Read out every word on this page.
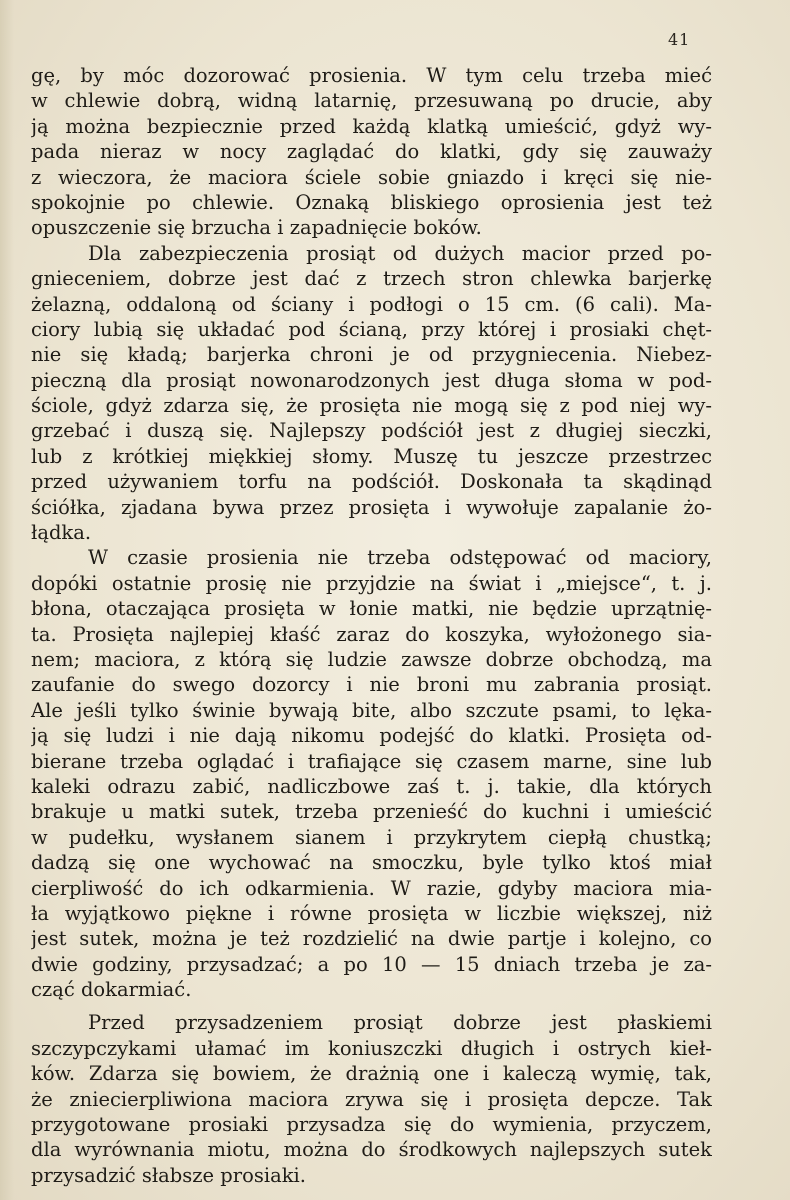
41
gę, by móc dozorować prosienia. W tym celu trzeba mieć
w chlewie dobrą, widną latarnię, przesuwaną po drucie, aby
ją można bezpiecznie przed każdą klatką umieścić, gdyż wy-
pada nieraz w nocy zaglądać do klatki, gdy się zauważy
z wieczora, że maciora ściele sobie gniazdo i kręci się nie-
spokojnie po chlewie. Oznaką bliskiego oprosienia jest też
opuszczenie się brzucha i zapadnięcie boków.
Dla zabezpieczenia prosiąt od dużych macior przed po-
gnieceniem, dobrze jest dać z trzech stron chlewka barjerkę
żelazną, oddaloną od ściany i podłogi o 15 cm. (6 cali). Ma-
ciory lubią się układać pod ścianą, przy której i prosiaki chęt-
nie się kładą; barjerka chroni je od przygniecenia. Niebez-
pieczną dla prosiąt nowonarodzonych jest długa słoma w pod-
ściole, gdyż zdarza się, że prosięta nie mogą się z pod niej wy-
grzebać i duszą się. Najlepszy podściół jest z długiej sieczki,
lub z krótkiej miękkiej słomy. Muszę tu jeszcze przestrzec
przed używaniem torfu na podściół. Doskonała ta skądinąd
ściółka, zjadana bywa przez prosięta i wywołuje zapalanie żo-
łądka.
W czasie prosienia nie trzeba odstępować od maciory,
dopóki ostatnie prosię nie przyjdzie na świat i „miejsce“, t. j.
błona, otaczająca prosięta w łonie matki, nie będzie uprzątnię-
ta. Prosięta najlepiej kłaść zaraz do koszyka, wyłożonego sia-
nem; maciora, z którą się ludzie zawsze dobrze obchodzą, ma
zaufanie do swego dozorcy i nie broni mu zabrania prosiąt.
Ale jeśli tylko świnie bywają bite, albo szczute psami, to lęka-
ją się ludzi i nie dają nikomu podejść do klatki. Prosięta od-
bierane trzeba oglądać i trafiające się czasem marne, sine lub
kaleki odrazu zabić, nadliczbowe zaś t. j. takie, dla których
brakuje u matki sutek, trzeba przenieść do kuchni i umieścić
w pudełku, wysłanem sianem i przykrytem ciepłą chustką;
dadzą się one wychować na smoczku, byle tylko ktoś miał
cierpliwość do ich odkarmienia. W razie, gdyby maciora mia-
ła wyjątkowo piękne i równe prosięta w liczbie większej, niż
jest sutek, można je też rozdzielić na dwie partje i kolejno, co
dwie godziny, przysadzać; a po 10 — 15 dniach trzeba je za-
cząć dokarmiać.
Przed przysadzeniem prosiąt dobrze jest płaskiemi
szczypczykami ułamać im koniuszczki długich i ostrych kieł-
ków. Zdarza się bowiem, że drażnią one i kaleczą wymię, tak,
że zniecierpliwiona maciora zrywa się i prosięta depcze. Tak
przygotowane prosiaki przysadza się do wymienia, przyczem,
dla wyrównania miotu, można do środkowych najlepszych sutek
przysadzić słabsze prosiaki.
